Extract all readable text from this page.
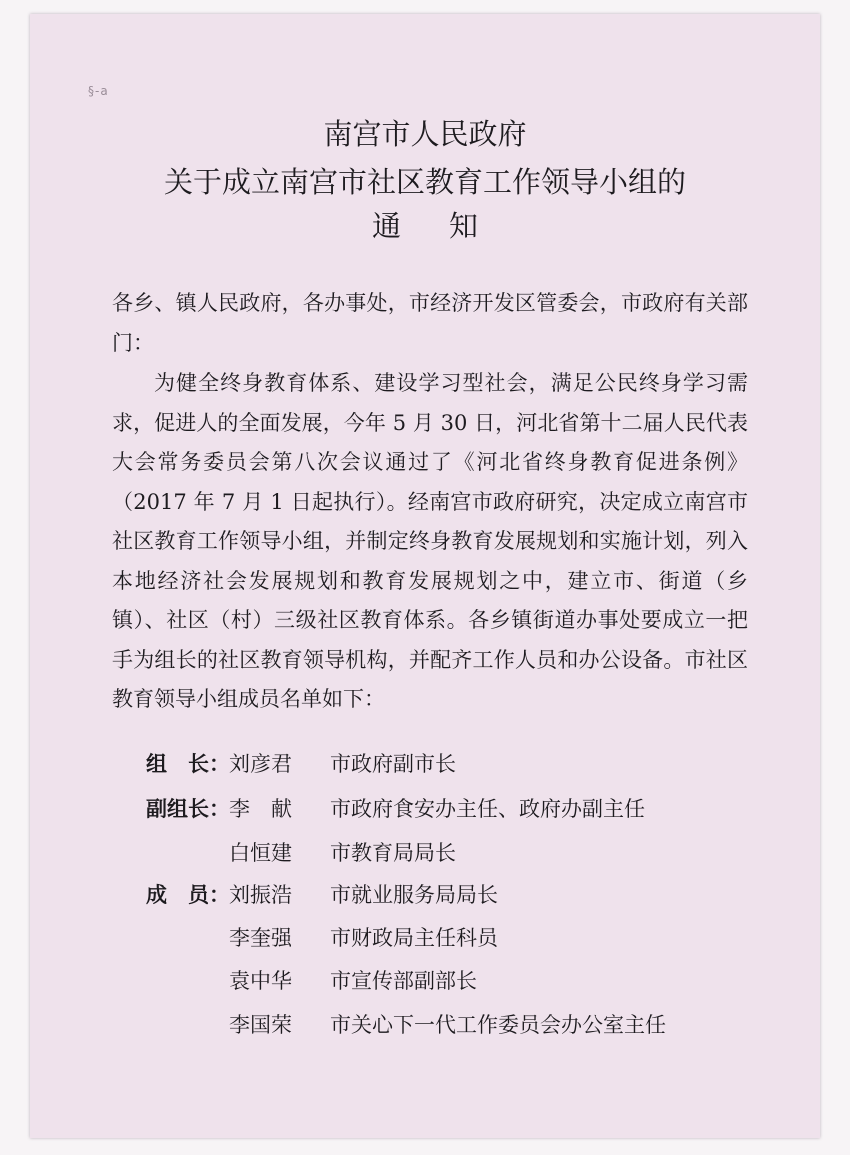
§-a
南宫市人民政府
关于成立南宫市社区教育工作领导小组的
通知

各乡、镇人民政府，各办事处，市经济开发区管委会，市政府有关部门：

为健全终身教育体系、建设学习型社会，满足公民终身学习需求，促进人的全面发展，今年 5 月 30 日，河北省第十二届人民代表大会常务委员会第八次会议通过了《河北省终身教育促进条例》（2017 年 7 月 1 日起执行）。经南宫市政府研究，决定成立南宫市社区教育工作领导小组，并制定终身教育发展规划和实施计划，列入本地经济社会发展规划和教育发展规划之中，建立市、街道（乡镇）、社区（村）三级社区教育体系。各乡镇街道办事处要成立一把手为组长的社区教育领导机构，并配齐工作人员和办公设备。市社区教育领导小组成员名单如下：

组　长： 刘彦君 市政府副市长
副组长： 李　献 市政府食安办主任、政府办副主任
白恒建 市教育局局长
成　员： 刘振浩 市就业服务局局长
李奎强 市财政局主任科员
袁中华 市宣传部副部长
李国荣 市关心下一代工作委员会办公室主任
